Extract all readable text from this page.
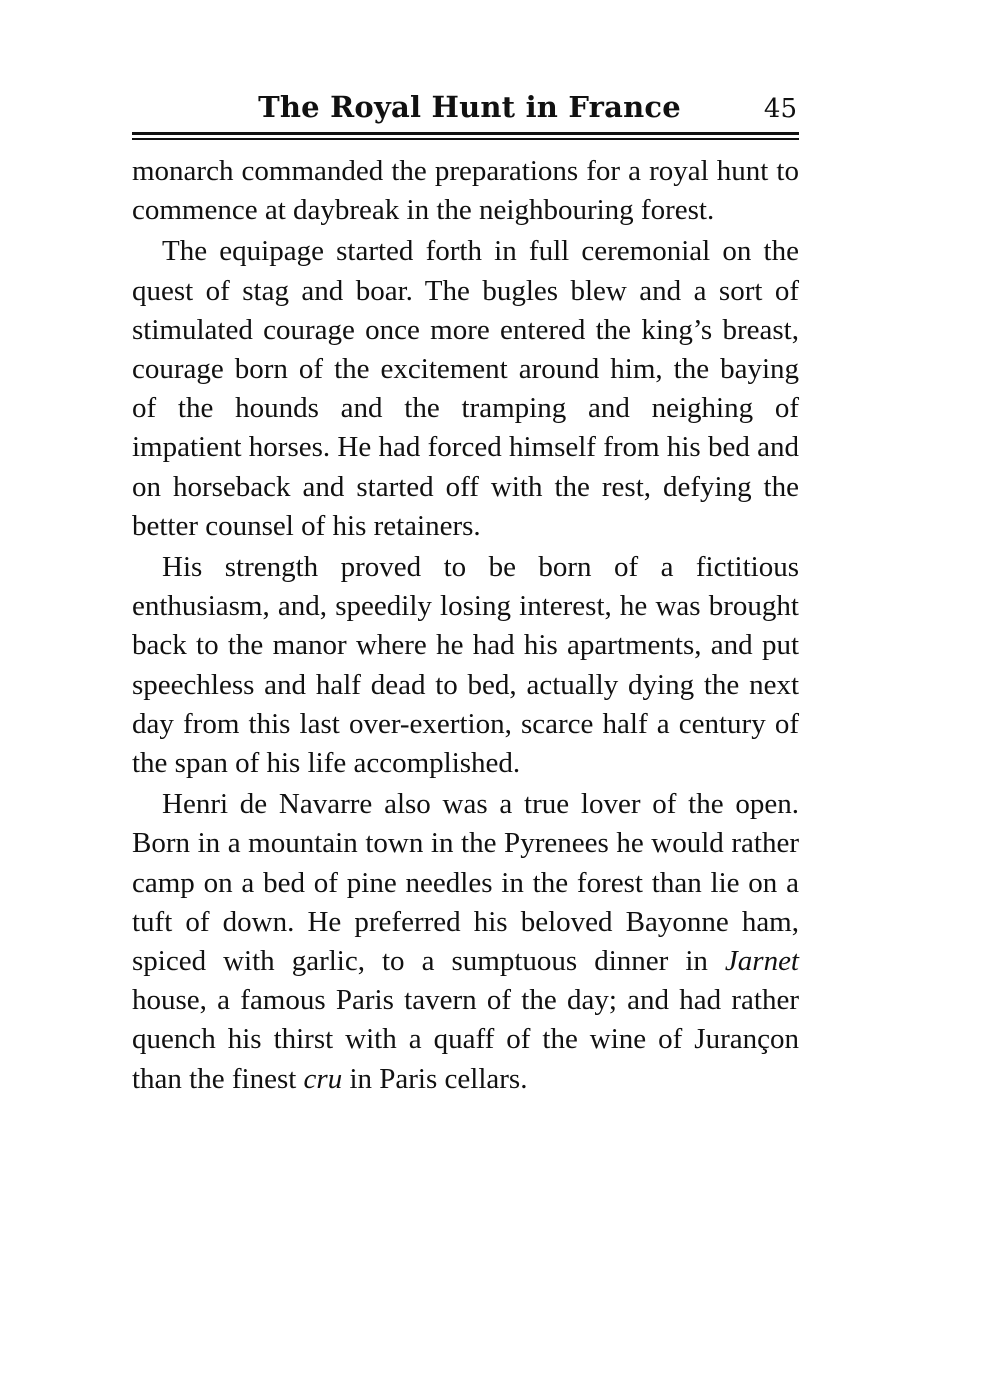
The Royal Hunt in France	45

monarch commanded the preparations for a royal hunt to commence at daybreak in the neighbouring forest.

The equipage started forth in full ceremonial on the quest of stag and boar. The bugles blew and a sort of stimulated courage once more entered the king’s breast, courage born of the excitement around him, the baying of the hounds and the tramping and neighing of impatient horses. He had forced himself from his bed and on horseback and started off with the rest, defying the better counsel of his retainers.

His strength proved to be born of a fictitious enthusiasm, and, speedily losing interest, he was brought back to the manor where he had his apartments, and put speechless and half dead to bed, actually dying the next day from this last over-exertion, scarce half a century of the span of his life accomplished.

Henri de Navarre also was a true lover of the open. Born in a mountain town in the Pyrenees he would rather camp on a bed of pine needles in the forest than lie on a tuft of down. He preferred his beloved Bayonne ham, spiced with garlic, to a sumptuous dinner in Jarnet house, a famous Paris tavern of the day; and had rather quench his thirst with a quaff of the wine of Jurançon than the finest cru in Paris cellars.
